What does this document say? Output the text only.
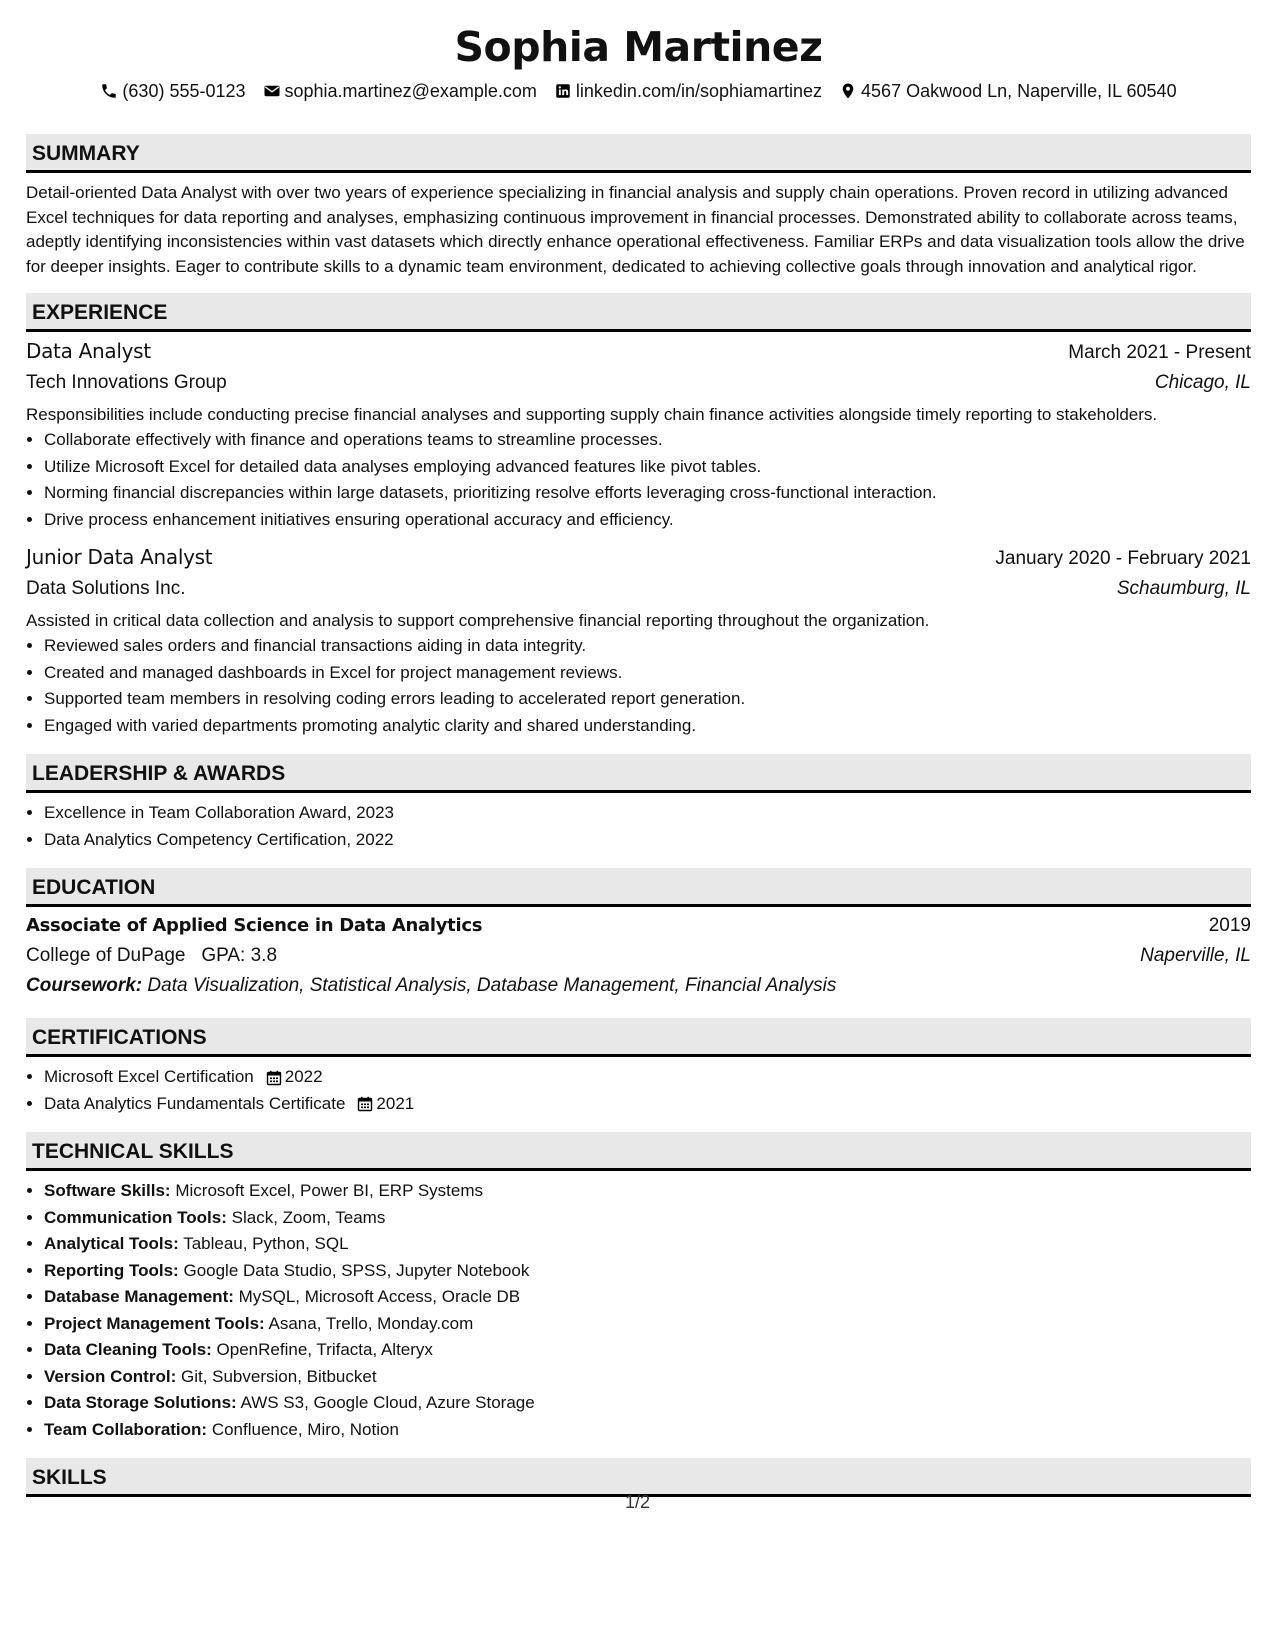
Sophia Martinez
(630) 555-0123 sophia.martinez@example.com linkedin.com/in/sophiamartinez 4567 Oakwood Ln, Naperville, IL 60540
SUMMARY
Detail-oriented Data Analyst with over two years of experience specializing in financial analysis and supply chain operations. Proven record in utilizing advanced Excel techniques for data reporting and analyses, emphasizing continuous improvement in financial processes. Demonstrated ability to collaborate across teams, adeptly identifying inconsistencies within vast datasets which directly enhance operational effectiveness. Familiar ERPs and data visualization tools allow the drive for deeper insights. Eager to contribute skills to a dynamic team environment, dedicated to achieving collective goals through innovation and analytical rigor.
EXPERIENCE
Data Analyst	March 2021 - Present
Tech Innovations Group	Chicago, IL
Responsibilities include conducting precise financial analyses and supporting supply chain finance activities alongside timely reporting to stakeholders.
• Collaborate effectively with finance and operations teams to streamline processes.
• Utilize Microsoft Excel for detailed data analyses employing advanced features like pivot tables.
• Norming financial discrepancies within large datasets, prioritizing resolve efforts leveraging cross-functional interaction.
• Drive process enhancement initiatives ensuring operational accuracy and efficiency.
Junior Data Analyst	January 2020 - February 2021
Data Solutions Inc.	Schaumburg, IL
Assisted in critical data collection and analysis to support comprehensive financial reporting throughout the organization.
• Reviewed sales orders and financial transactions aiding in data integrity.
• Created and managed dashboards in Excel for project management reviews.
• Supported team members in resolving coding errors leading to accelerated report generation.
• Engaged with varied departments promoting analytic clarity and shared understanding.
LEADERSHIP & AWARDS
• Excellence in Team Collaboration Award, 2023
• Data Analytics Competency Certification, 2022
EDUCATION
Associate of Applied Science in Data Analytics	2019
College of DuPage GPA: 3.8	Naperville, IL
Coursework: Data Visualization, Statistical Analysis, Database Management, Financial Analysis
CERTIFICATIONS
• Microsoft Excel Certification 2022
• Data Analytics Fundamentals Certificate 2021
TECHNICAL SKILLS
• Software Skills: Microsoft Excel, Power BI, ERP Systems
• Communication Tools: Slack, Zoom, Teams
• Analytical Tools: Tableau, Python, SQL
• Reporting Tools: Google Data Studio, SPSS, Jupyter Notebook
• Database Management: MySQL, Microsoft Access, Oracle DB
• Project Management Tools: Asana, Trello, Monday.com
• Data Cleaning Tools: OpenRefine, Trifacta, Alteryx
• Version Control: Git, Subversion, Bitbucket
• Data Storage Solutions: AWS S3, Google Cloud, Azure Storage
• Team Collaboration: Confluence, Miro, Notion
SKILLS
1/2
